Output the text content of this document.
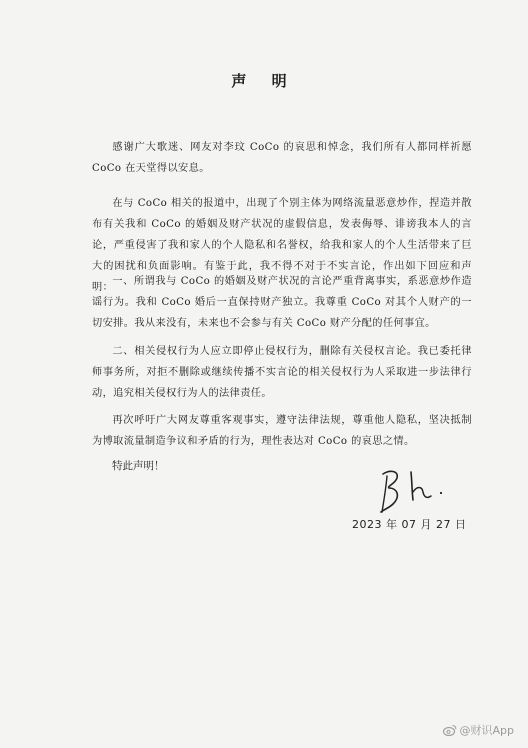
声 明

感谢广大歌迷、网友对李玟 CoCo 的哀思和悼念，我们所有人都同样祈愿 CoCo 在天堂得以安息。

在与 CoCo 相关的报道中，出现了个别主体为网络流量恶意炒作，捏造并散布有关我和 CoCo 的婚姻及财产状况的虚假信息，发表侮辱、诽谤我本人的言论，严重侵害了我和家人的个人隐私和名誉权，给我和家人的个人生活带来了巨大的困扰和负面影响。有鉴于此，我不得不对于不实言论，作出如下回应和声明：

一、所谓我与 CoCo 的婚姻及财产状况的言论严重背离事实，系恶意炒作造谣行为。我和 CoCo 婚后一直保持财产独立。我尊重 CoCo 对其个人财产的一切安排。我从来没有，未来也不会参与有关 CoCo 财产分配的任何事宜。

二、相关侵权行为人应立即停止侵权行为，删除有关侵权言论。我已委托律师事务所，对拒不删除或继续传播不实言论的相关侵权行为人采取进一步法律行动，追究相关侵权行为人的法律责任。

再次呼吁广大网友尊重客观事实，遵守法律法规，尊重他人隐私，坚决抵制为博取流量制造争议和矛盾的行为，理性表达对 CoCo 的哀思之情。

特此声明！
2023 年 07 月 27 日
@财识App
